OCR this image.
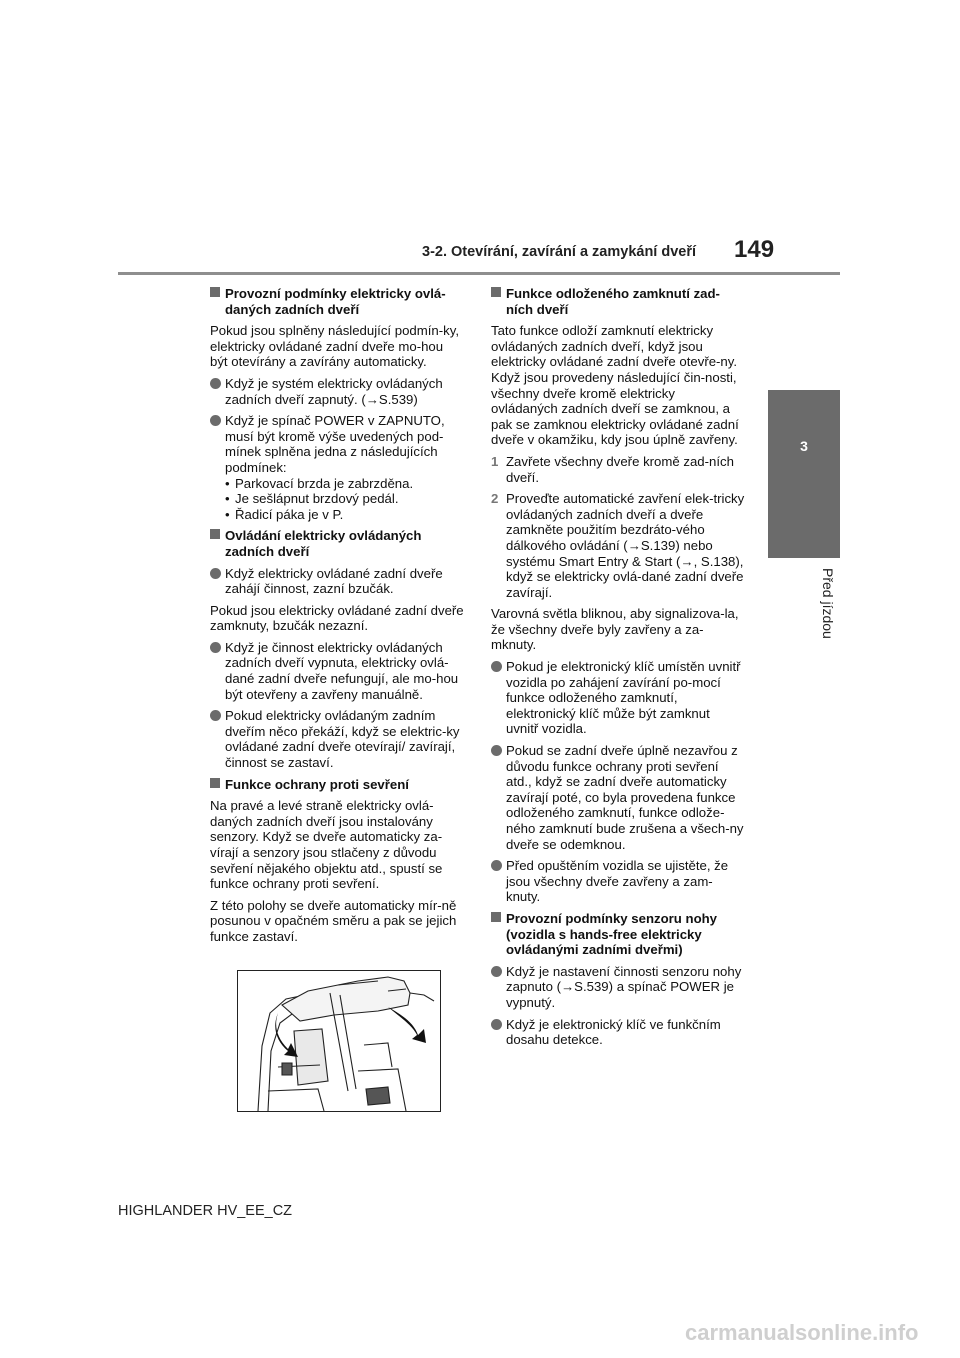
3-2. Otevírání, zavírání a zamykání dveří 149
3
Před jízdou
Provozní podmínky elektricky ovlá-daných zadních dveří

Pokud jsou splněny následující podmín-ky, elektricky ovládané zadní dveře mo-hou být otevírány a zavírány automaticky.

Když je systém elektricky ovládaných zadních dveří zapnutý. (→S.539)
Když je spínač POWER v ZAPNUTO, musí být kromě výše uvedených pod-mínek splněna jedna z následujících podmínek:
• Parkovací brzda je zabrzděna.
• Je sešlápnut brzdový pedál.
• Řadicí páka je v P.
Ovládání elektricky ovládaných zadních dveří
Když elektricky ovládané zadní dveře zahájí činnost, zazní bzučák.

Pokud jsou elektricky ovládané zadní dveře zamknuty, bzučák nezazní.

Když je činnost elektricky ovládaných zadních dveří vypnuta, elektricky ovlá-dané zadní dveře nefungují, ale mo-hou být otevřeny a zavřeny manuálně.
Pokud elektricky ovládaným zadním dveřím něco překáží, když se elektric-ky ovládané zadní dveře otevírají/ zavírají, činnost se zastaví.
Funkce ochrany proti sevření

Na pravé a levé straně elektricky ovlá-daných zadních dveří jsou instalovány senzory. Když se dveře automaticky za-vírají a senzory jsou stlačeny z důvodu sevření nějakého objektu atd., spustí se funkce ochrany proti sevření.

Z této polohy se dveře automaticky mír-ně posunou v opačném směru a pak se jejich funkce zastaví.

Funkce odloženého zamknutí zad-ních dveří

Tato funkce odloží zamknutí elektricky ovládaných zadních dveří, když jsou elektricky ovládané zadní dveře otevře-ny. Když jsou provedeny následující čin-nosti, všechny dveře kromě elektricky ovládaných zadních dveří se zamknou, a pak se zamknou elektricky ovládané zadní dveře v okamžiku, kdy jsou úplně zavřeny.

1 Zavřete všechny dveře kromě zad-ních dveří.
2 Proveďte automatické zavření elek-tricky ovládaných zadních dveří a dveře zamkněte použitím bezdráto-vého dálkového ovládání (→S.139) nebo systému Smart Entry & Start (→, S.138), když se elektricky ovlá-dané zadní dveře zavírají.

Varovná světla bliknou, aby signalizova-la, že všechny dveře byly zavřeny a za-mknuty.

Pokud je elektronický klíč umístěn uvnitř vozidla po zahájení zavírání po-mocí funkce odloženého zamknutí, elektronický klíč může být zamknut uvnitř vozidla.
Pokud se zadní dveře úplně nezavřou z důvodu funkce ochrany proti sevření atd., když se zadní dveře automaticky zavírají poté, co byla provedena funkce odloženého zamknutí, funkce odlože-ného zamknutí bude zrušena a všech-ny dveře se odemknou.
Před opuštěním vozidla se ujistěte, že jsou všechny dveře zavřeny a zam-knuty.
Provozní podmínky senzoru nohy (vozidla s hands-free elektricky ovládanými zadními dveřmi)
Když je nastavení činnosti senzoru nohy zapnuto (→S.539) a spínač POWER je vypnutý.
Když je elektronický klíč ve funkčním dosahu detekce.
HIGHLANDER HV_EE_CZ
carmanualsonline.info
